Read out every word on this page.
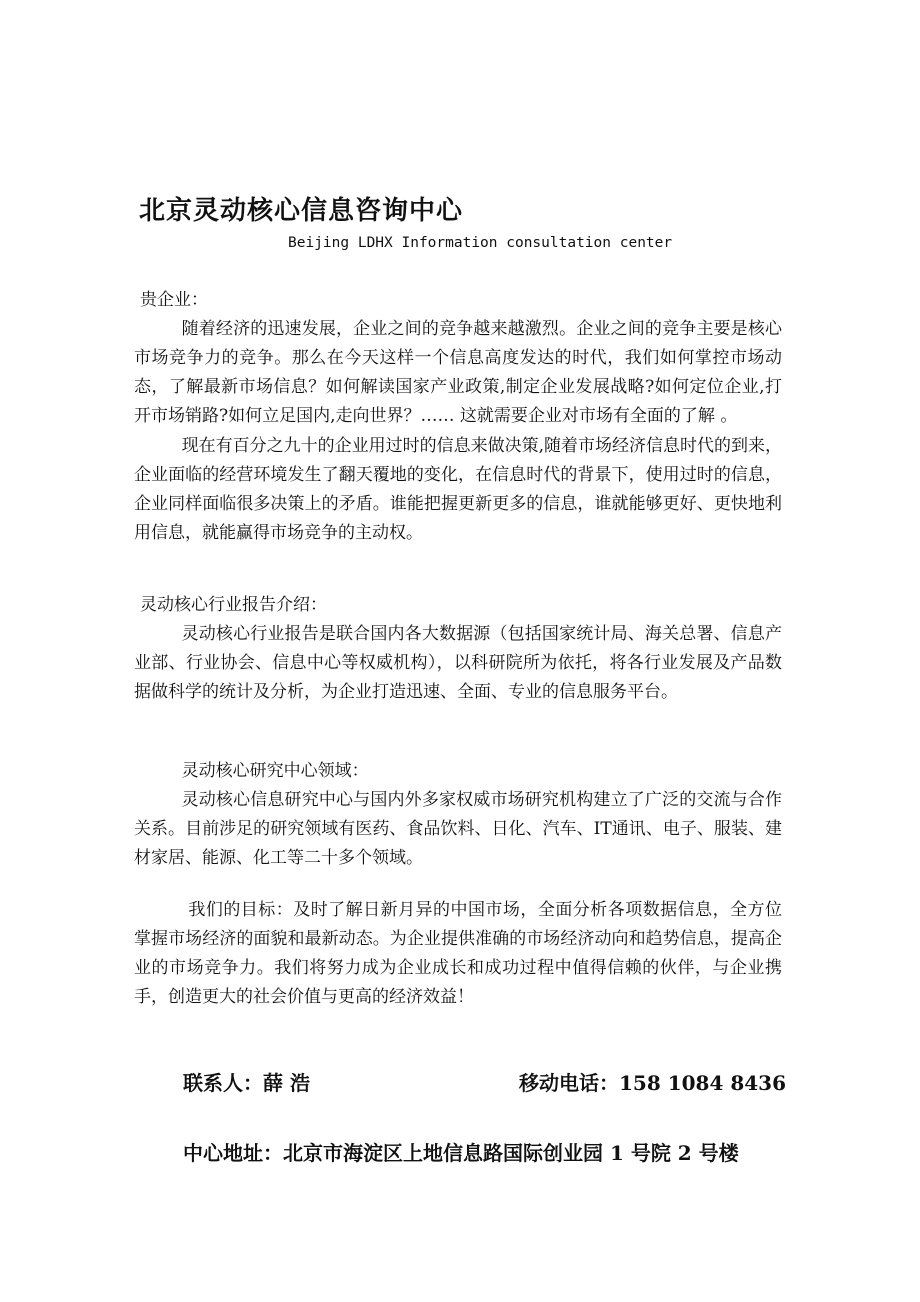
北京灵动核心信息咨询中心
Beijing LDHX Information consultation center

贵企业：

随着经济的迅速发展，企业之间的竞争越来越激烈。企业之间的竞争主要是核心市场竞争力的竞争。那么在今天这样一个信息高度发达的时代，我们如何掌控市场动态，了解最新市场信息？如何解读国家产业政策,制定企业发展战略?如何定位企业,打开市场销路?如何立足国内,走向世界？…… 这就需要企业对市场有全面的了解 。

现在有百分之九十的企业用过时的信息来做决策,随着市场经济信息时代的到来，企业面临的经营环境发生了翻天覆地的变化，在信息时代的背景下，使用过时的信息，企业同样面临很多决策上的矛盾。谁能把握更新更多的信息，谁就能够更好、更快地利用信息，就能赢得市场竞争的主动权。

灵动核心行业报告介绍：

灵动核心行业报告是联合国内各大数据源（包括国家统计局、海关总署、信息产业部、行业协会、信息中心等权威机构），以科研院所为依托，将各行业发展及产品数据做科学的统计及分析，为企业打造迅速、全面、专业的信息服务平台。

灵动核心研究中心领域：

灵动核心信息研究中心与国内外多家权威市场研究机构建立了广泛的交流与合作关系。目前涉足的研究领域有医药、食品饮料、日化、汽车、IT通讯、电子、服装、建材家居、能源、化工等二十多个领域。

我们的目标：及时了解日新月异的中国市场，全面分析各项数据信息，全方位掌握市场经济的面貌和最新动态。为企业提供准确的市场经济动向和趋势信息，提高企业的市场竞争力。我们将努力成为企业成长和成功过程中值得信赖的伙伴，与企业携手，创造更大的社会价值与更高的经济效益！

联系人：薛 浩	移动电话：158 1084 8436
中心地址：北京市海淀区上地信息路国际创业园 1 号院 2 号楼
